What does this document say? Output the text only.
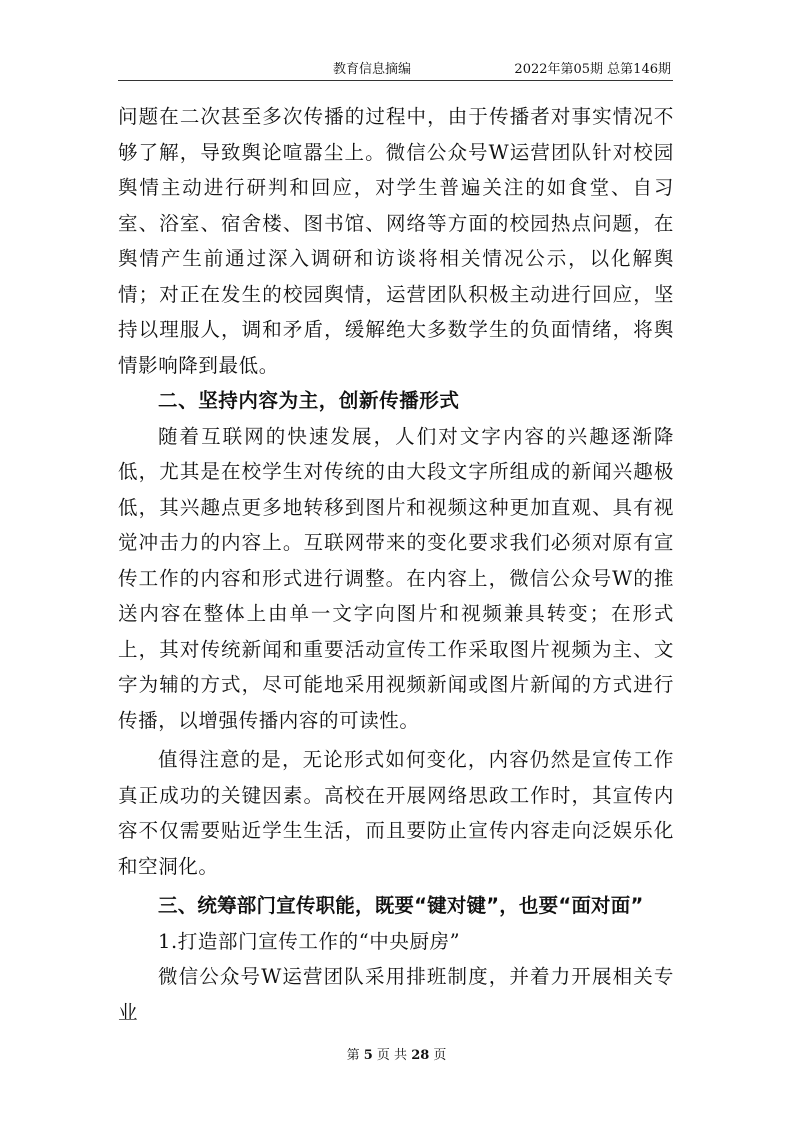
教育信息摘编	2022年第05期 总第146期

问题在二次甚至多次传播的过程中，由于传播者对事实情况不够了解，导致舆论喧嚣尘上。微信公众号W运营团队针对校园舆情主动进行研判和回应，对学生普遍关注的如食堂、自习室、浴室、宿舍楼、图书馆、网络等方面的校园热点问题，在舆情产生前通过深入调研和访谈将相关情况公示，以化解舆情；对正在发生的校园舆情，运营团队积极主动进行回应，坚持以理服人，调和矛盾，缓解绝大多数学生的负面情绪，将舆情影响降到最低。

二、坚持内容为主，创新传播形式

随着互联网的快速发展，人们对文字内容的兴趣逐渐降低，尤其是在校学生对传统的由大段文字所组成的新闻兴趣极低，其兴趣点更多地转移到图片和视频这种更加直观、具有视觉冲击力的内容上。互联网带来的变化要求我们必须对原有宣传工作的内容和形式进行调整。在内容上，微信公众号W的推送内容在整体上由单一文字向图片和视频兼具转变；在形式上，其对传统新闻和重要活动宣传工作采取图片视频为主、文字为辅的方式，尽可能地采用视频新闻或图片新闻的方式进行传播，以增强传播内容的可读性。

值得注意的是，无论形式如何变化，内容仍然是宣传工作真正成功的关键因素。高校在开展网络思政工作时，其宣传内容不仅需要贴近学生生活，而且要防止宣传内容走向泛娱乐化和空洞化。

三、统筹部门宣传职能，既要“键对键”，也要“面对面”

1.打造部门宣传工作的“中央厨房”

微信公众号W运营团队采用排班制度，并着力开展相关专业

第 5 页 共 28 页
